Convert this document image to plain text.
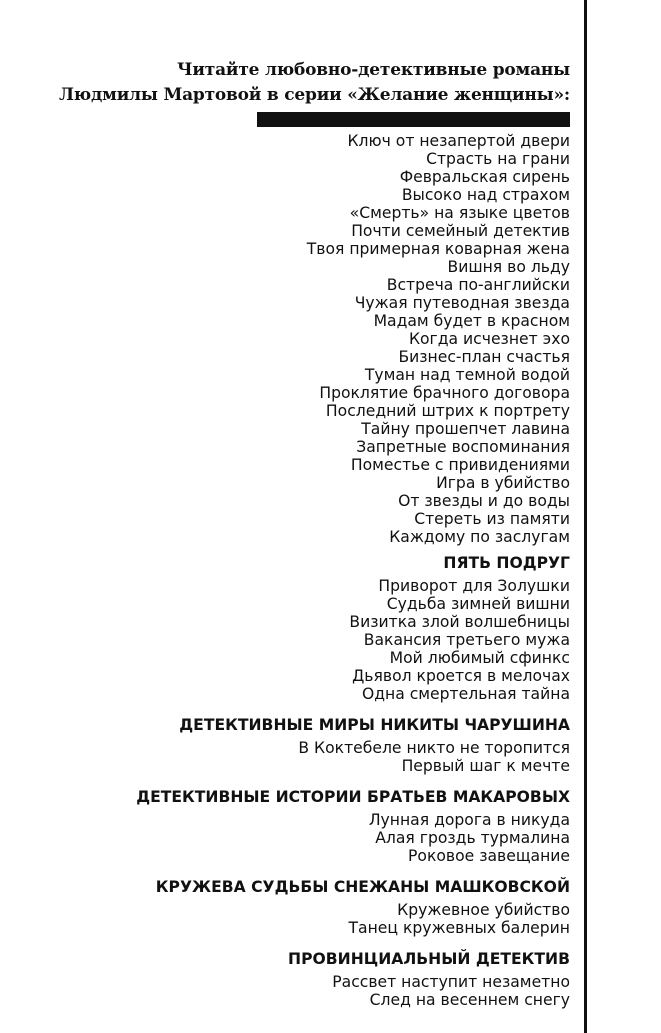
Читайте любовно-детективные романы
Людмилы Мартовой в серии «Желание женщины»:
Ключ от незапертой двери
Страсть на грани
Февральская сирень
Высоко над страхом
«Смерть» на языке цветов
Почти семейный детектив
Твоя примерная коварная жена
Вишня во льду
Встреча по-английски
Чужая путеводная звезда
Мадам будет в красном
Когда исчезнет эхо
Бизнес-план счастья
Туман над темной водой
Проклятие брачного договора
Последний штрих к портрету
Тайну прошепчет лавина
Запретные воспоминания
Поместье с привидениями
Игра в убийство
От звезды и до воды
Стереть из памяти
Каждому по заслугам
ПЯТЬ ПОДРУГ
Приворот для Золушки
Судьба зимней вишни
Визитка злой волшебницы
Вакансия третьего мужа
Мой любимый сфинкс
Дьявол кроется в мелочах
Одна смертельная тайна
ДЕТЕКТИВНЫЕ МИРЫ НИКИТЫ ЧАРУШИНА
В Коктебеле никто не торопится
Первый шаг к мечте
ДЕТЕКТИВНЫЕ ИСТОРИИ БРАТЬЕВ МАКАРОВЫХ
Лунная дорога в никуда
Алая гроздь турмалина
Роковое завещание
КРУЖЕВА СУДЬБЫ СНЕЖАНЫ МАШКОВСКОЙ
Кружевное убийство
Танец кружевных балерин
ПРОВИНЦИАЛЬНЫЙ ДЕТЕКТИВ
Рассвет наступит незаметно
След на весеннем снегу
